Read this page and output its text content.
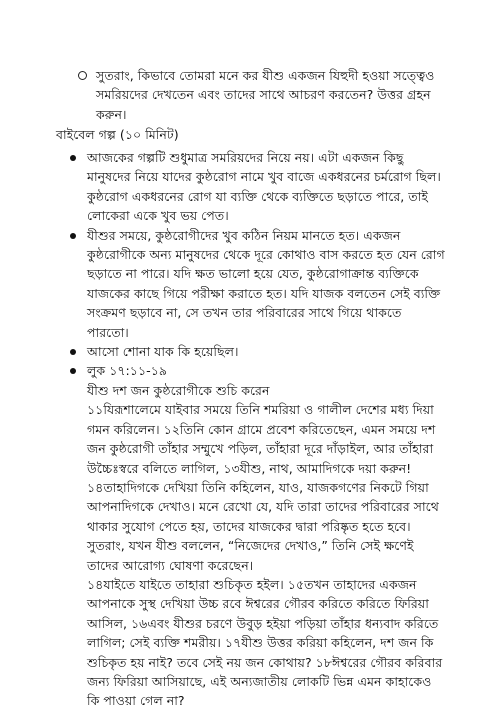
সুতরাং, কিভাবে তোমরা মনে কর যীশু একজন যিহুদী হওয়া সত্ত্বেও সমরিয়দের দেখতেন এবং তাদের সাথে আচরণ করতেন? উত্তর গ্রহন করুন।
বাইবেল গল্প (১০ মিনিট)
আজকের গল্পটি শুধুমাত্র সমরিয়দের নিয়ে নয়। এটা একজন কিছু মানুষদের নিয়ে যাদের কুষ্ঠরোগ নামে খুব বাজে একধরনের চর্মরোগ ছিল। কুষ্ঠরোগ একধরনের রোগ যা ব্যক্তি থেকে ব্যক্তিতে ছড়াতে পারে, তাই লোকেরা একে খুব ভয় পেত।
যীশুর সময়ে, কুষ্ঠরোগীদের খুব কঠিন নিয়ম মানতে হত। একজন কুষ্ঠরোগীকে অন্য মানুষদের থেকে দূরে কোথাও বাস করতে হত যেন রোগ ছড়াতে না পারে। যদি ক্ষত ভালো হয়ে যেত, কুষ্ঠরোগাক্রান্ত ব্যক্তিকে যাজকের কাছে গিয়ে পরীক্ষা করাতে হত। যদি যাজক বলতেন সেই ব্যক্তি সংক্রমণ ছড়াবে না, সে তখন তার পরিবারের সাথে গিয়ে থাকতে পারতো।
আসো শোনা যাক কি হয়েছিল।
লুক ১৭:১১-১৯
যীশু দশ জন কুষ্ঠরোগীকে শুচি করেন
১১যিরূশালেমে যাইবার সময়ে তিনি শমরিয়া ও গালীল দেশের মধ্য দিয়া গমন করিলেন। ১২তিনি কোন গ্রামে প্রবেশ করিতেছেন, এমন সময়ে দশ জন কুষ্ঠরোগী তাঁহার সম্মুখে পড়িল, তাঁহারা দূরে দাঁড়াইল, আর তাঁহারা উচ্চৈঃস্বরে বলিতে লাগিল, ১৩যীশু, নাথ, আমাদিগকে দয়া করুন! ১৪তাহাদিগকে দেখিয়া তিনি কহিলেন, যাও, যাজকগণের নিকটে গিয়া আপনাদিগকে দেখাও। মনে রেখো যে, যদি তারা তাদের পরিবারের সাথে থাকার সুযোগ পেতে হয়, তাদের যাজকের দ্বারা পরিষ্কৃত হতে হবে। সুতরাং, যখন যীশু বললেন, “নিজেদের দেখাও,” তিনি সেই ক্ষণেই তাদের আরোগ্য ঘোষণা করেছেন।
১৪যাইতে যাইতে তাহারা শুচিকৃত হইল। ১৫তখন তাহাদের একজন আপনাকে সুস্থ দেখিয়া উচ্চ রবে ঈশ্বরের গৌরব করিতে করিতে ফিরিয়া আসিল, ১৬এবং যীশুর চরণে উবুড় হইয়া পড়িয়া তাঁহার ধন্যবাদ করিতে লাগিল; সেই ব্যক্তি শমরীয়। ১৭যীশু উত্তর করিয়া কহিলেন, দশ জন কি শুচিকৃত হয় নাই? তবে সেই নয় জন কোথায়? ১৮ঈশ্বরের গৌরব করিবার জন্য ফিরিয়া আসিয়াছে, এই অন্যজাতীয় লোকটি ভিন্ন এমন কাহাকেও কি পাওয়া গেল না?
